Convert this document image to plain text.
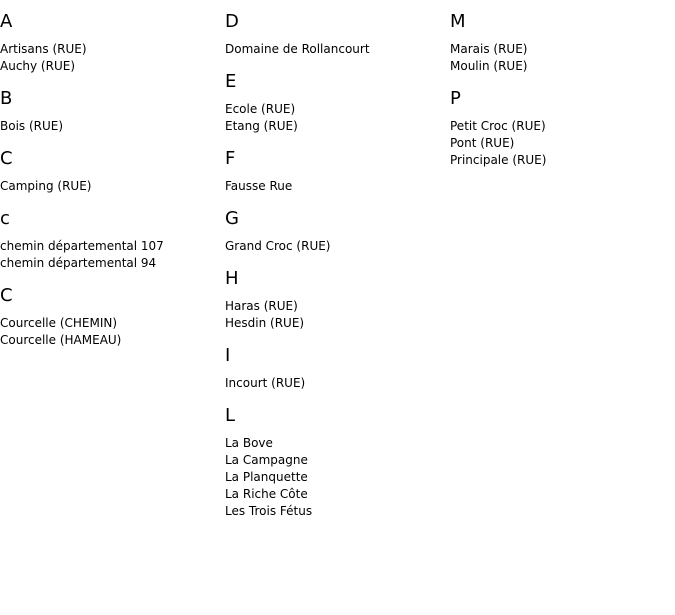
A
Artisans (RUE)
Auchy (RUE)
B
Bois (RUE)
C
Camping (RUE)
c
chemin départemental 107
chemin départemental 94
C
Courcelle (CHEMIN)
Courcelle (HAMEAU)
D
Domaine de Rollancourt
E
Ecole (RUE)
Etang (RUE)
F
Fausse Rue
G
Grand Croc (RUE)
H
Haras (RUE)
Hesdin (RUE)
I
Incourt (RUE)
L
La Bove
La Campagne
La Planquette
La Riche Côte
Les Trois Fétus
M
Marais (RUE)
Moulin (RUE)
P
Petit Croc (RUE)
Pont (RUE)
Principale (RUE)
